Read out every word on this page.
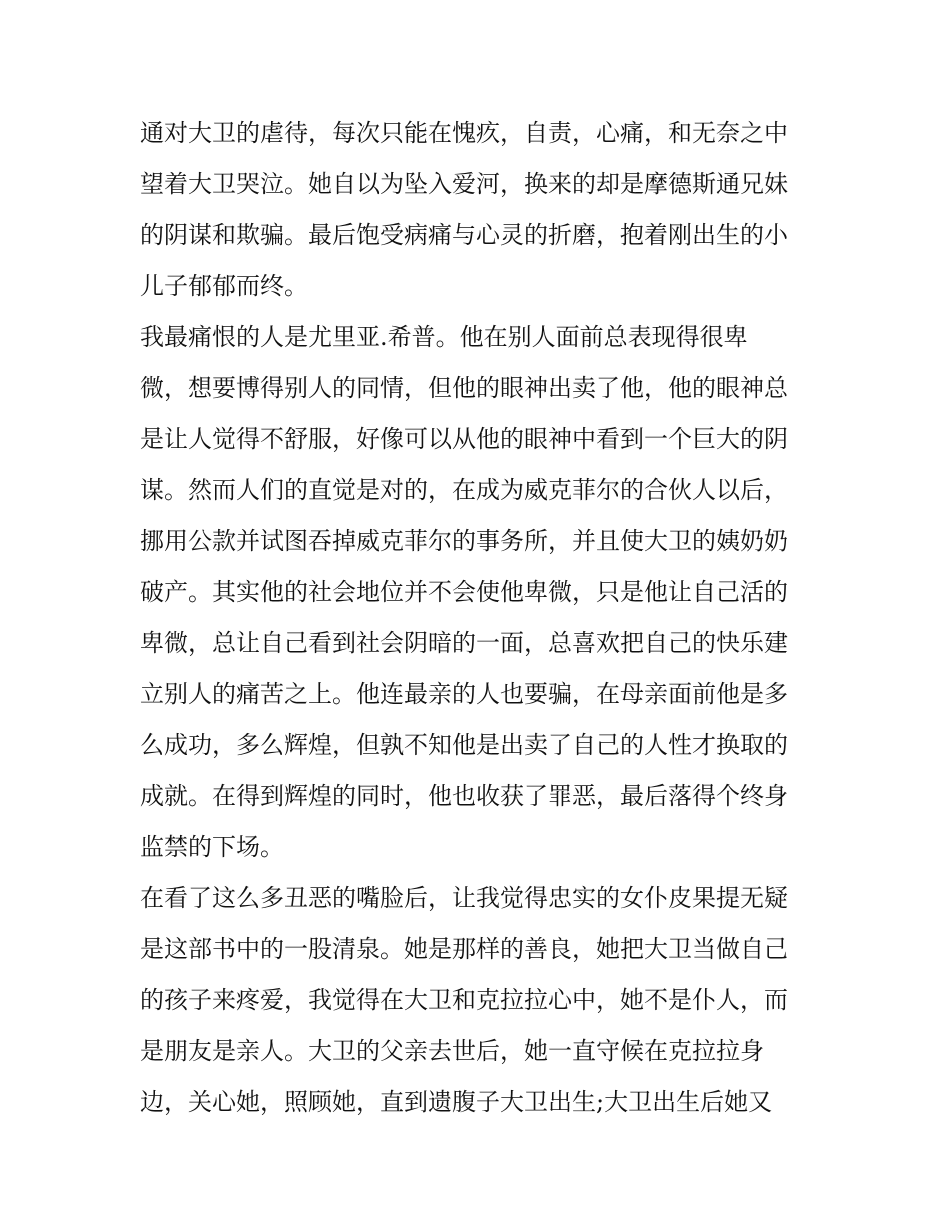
通对大卫的虐待，每次只能在愧疚，自责，心痛，和无奈之中
望着大卫哭泣。她自以为坠入爱河，换来的却是摩德斯通兄妹
的阴谋和欺骗。最后饱受病痛与心灵的折磨，抱着刚出生的小
儿子郁郁而终。
我最痛恨的人是尤里亚.希普。他在别人面前总表现得很卑
微，想要博得别人的同情，但他的眼神出卖了他，他的眼神总
是让人觉得不舒服，好像可以从他的眼神中看到一个巨大的阴
谋。然而人们的直觉是对的，在成为威克菲尔的合伙人以后，
挪用公款并试图吞掉威克菲尔的事务所，并且使大卫的姨奶奶
破产。其实他的社会地位并不会使他卑微，只是他让自己活的
卑微，总让自己看到社会阴暗的一面，总喜欢把自己的快乐建
立别人的痛苦之上。他连最亲的人也要骗，在母亲面前他是多
么成功，多么辉煌，但孰不知他是出卖了自己的人性才换取的
成就。在得到辉煌的同时，他也收获了罪恶，最后落得个终身
监禁的下场。
在看了这么多丑恶的嘴脸后，让我觉得忠实的女仆皮果提无疑
是这部书中的一股清泉。她是那样的善良，她把大卫当做自己
的孩子来疼爱，我觉得在大卫和克拉拉心中，她不是仆人，而
是朋友是亲人。大卫的父亲去世后，她一直守候在克拉拉身
边，关心她，照顾她，直到遗腹子大卫出生;大卫出生后她又
